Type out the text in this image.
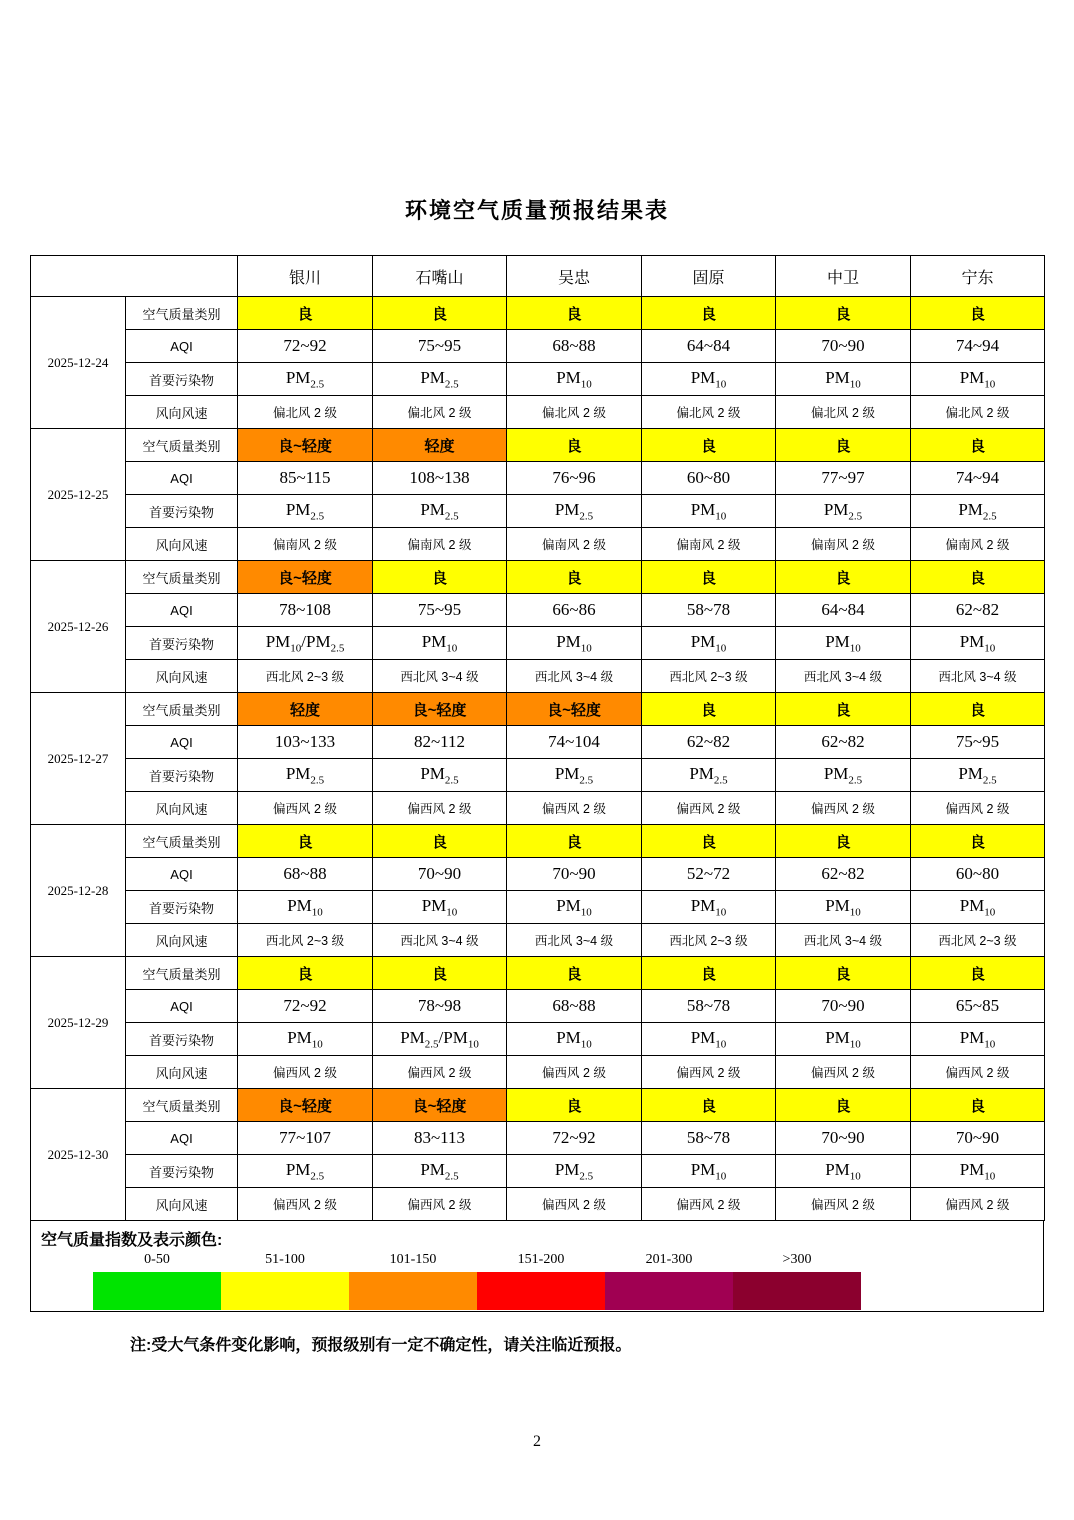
环境空气质量预报结果表
		银川	石嘴山	吴忠	固原	中卫	宁东
2025-12-24	空气质量类别	良	良	良	良	良	良
	AQI	72~92	75~95	68~88	64~84	70~90	74~94
	首要污染物	$PM_{2.5}$	$PM_{2.5}$	$PM_{10}$	$PM_{10}$	$PM_{10}$	$PM_{10}$
	风向风速	偏北风 2 级	偏北风 2 级	偏北风 2 级	偏北风 2 级	偏北风 2 级	偏北风 2 级
2025-12-25	空气质量类别	良~轻度	轻度	良	良	良	良
	AQI	85~115	108~138	76~96	60~80	77~97	74~94
	首要污染物	$PM_{2.5}$	$PM_{2.5}$	$PM_{2.5}$	$PM_{10}$	$PM_{2.5}$	$PM_{2.5}$
	风向风速	偏南风 2 级	偏南风 2 级	偏南风 2 级	偏南风 2 级	偏南风 2 级	偏南风 2 级
2025-12-26	空气质量类别	良~轻度	良	良	良	良	良
	AQI	78~108	75~95	66~86	58~78	64~84	62~82
	首要污染物	$PM_{10}/PM_{2.5}$	$PM_{10}$	$PM_{10}$	$PM_{10}$	$PM_{10}$	$PM_{10}$
	风向风速	西北风 2~3 级	西北风 3~4 级	西北风 3~4 级	西北风 2~3 级	西北风 3~4 级	西北风 3~4 级
2025-12-27	空气质量类别	轻度	良~轻度	良~轻度	良	良	良
	AQI	103~133	82~112	74~104	62~82	62~82	75~95
	首要污染物	$PM_{2.5}$	$PM_{2.5}$	$PM_{2.5}$	$PM_{2.5}$	$PM_{2.5}$	$PM_{2.5}$
	风向风速	偏西风 2 级	偏西风 2 级	偏西风 2 级	偏西风 2 级	偏西风 2 级	偏西风 2 级
2025-12-28	空气质量类别	良	良	良	良	良	良
	AQI	68~88	70~90	70~90	52~72	62~82	60~80
	首要污染物	$PM_{10}$	$PM_{10}$	$PM_{10}$	$PM_{10}$	$PM_{10}$	$PM_{10}$
	风向风速	西北风 2~3 级	西北风 3~4 级	西北风 3~4 级	西北风 2~3 级	西北风 3~4 级	西北风 2~3 级
2025-12-29	空气质量类别	良	良	良	良	良	良
	AQI	72~92	78~98	68~88	58~78	70~90	65~85
	首要污染物	$PM_{10}$	$PM_{2.5}/PM_{10}$	$PM_{10}$	$PM_{10}$	$PM_{10}$	$PM_{10}$
	风向风速	偏西风 2 级	偏西风 2 级	偏西风 2 级	偏西风 2 级	偏西风 2 级	偏西风 2 级
2025-12-30	空气质量类别	良~轻度	良~轻度	良	良	良	良
	AQI	77~107	83~113	72~92	58~78	70~90	70~90
	首要污染物	$PM_{2.5}$	$PM_{2.5}$	$PM_{2.5}$	$PM_{10}$	$PM_{10}$	$PM_{10}$
	风向风速	偏西风 2 级	偏西风 2 级	偏西风 2 级	偏西风 2 级	偏西风 2 级	偏西风 2 级
空气质量指数及表示颜色:
0-50	51-100	101-150	151-200	201-300	>300
注:受大气条件变化影响，预报级别有一定不确定性，请关注临近预报。
2
